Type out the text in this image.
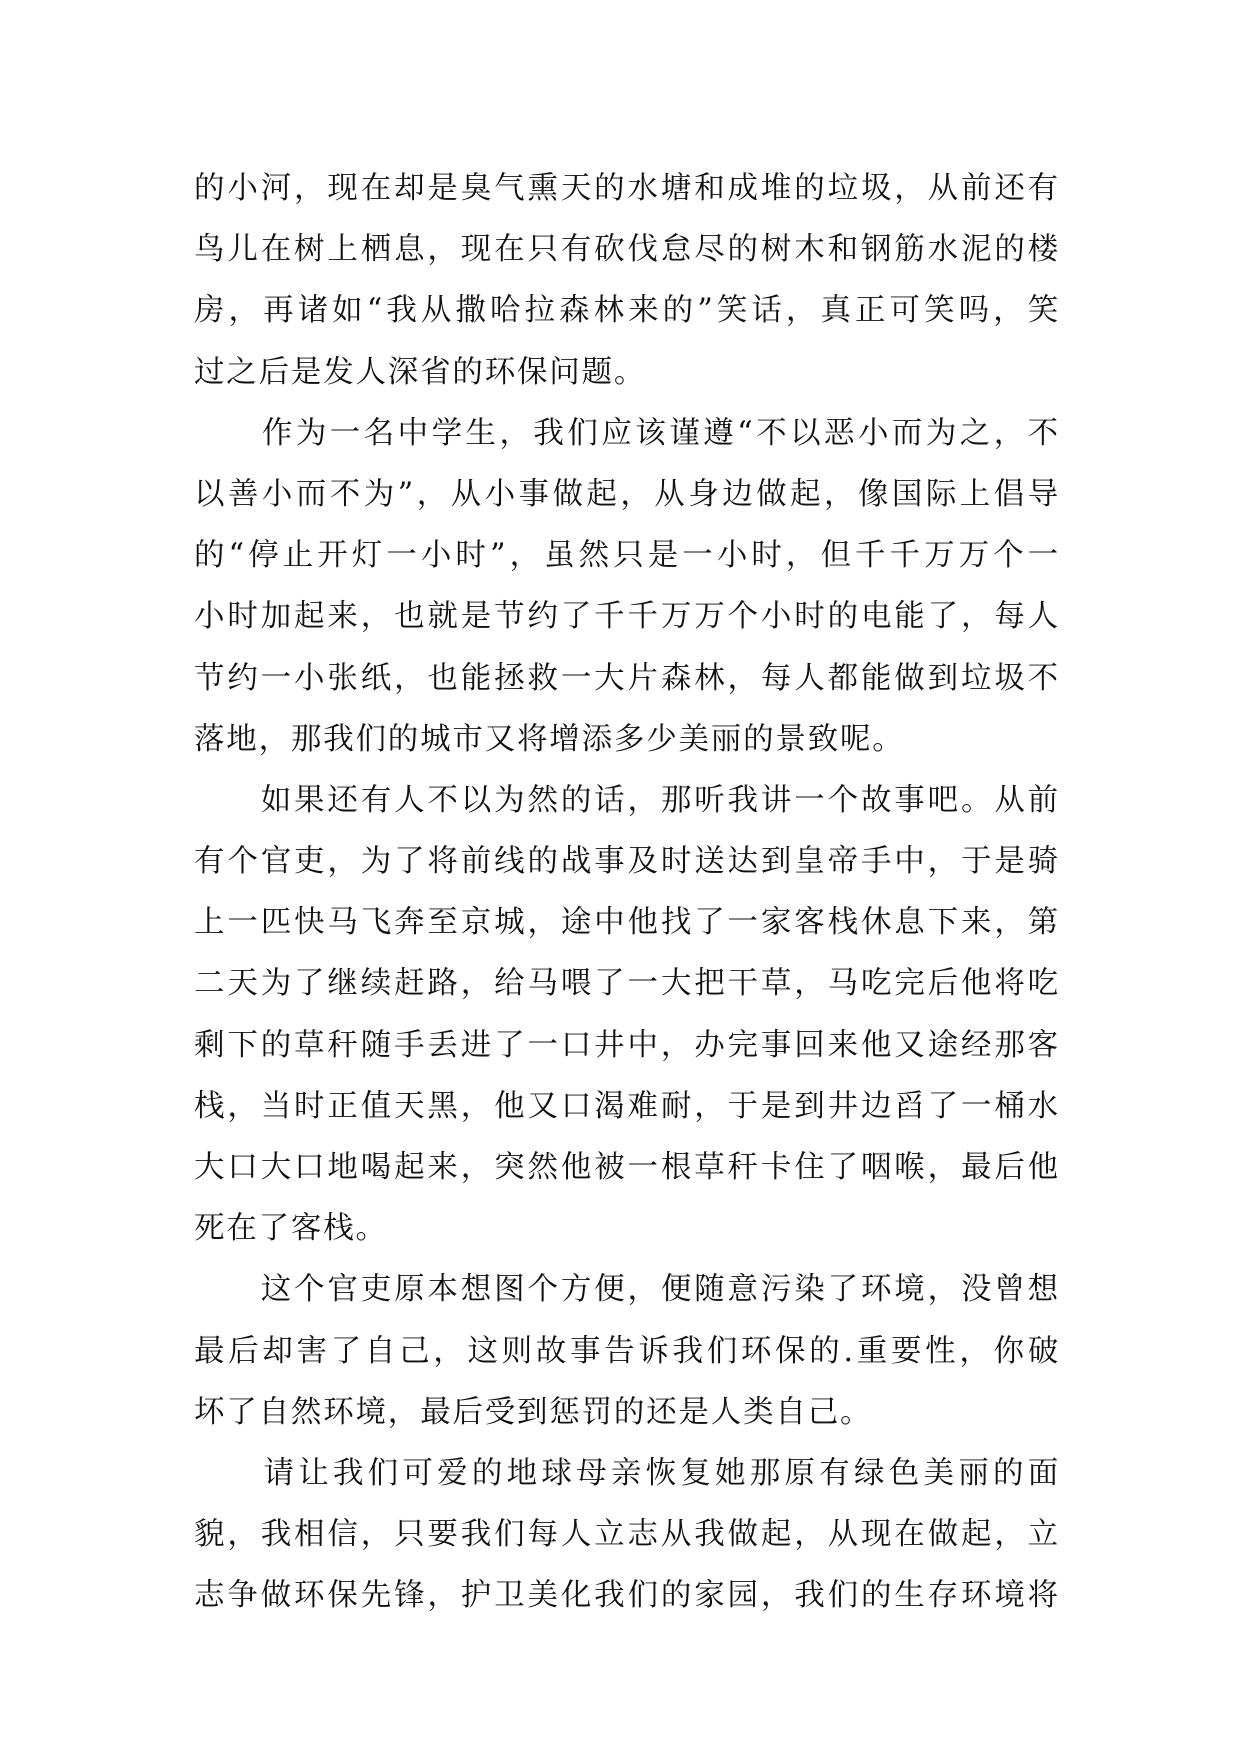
的小河，现在却是臭气熏天的水塘和成堆的垃圾，从前还有
鸟儿在树上栖息，现在只有砍伐怠尽的树木和钢筋水泥的楼
房，再诸如“我从撒哈拉森林来的”笑话，真正可笑吗，笑
过之后是发人深省的环保问题。
　　作为一名中学生，我们应该谨遵“不以恶小而为之，不
以善小而不为”，从小事做起，从身边做起，像国际上倡导
的“停止开灯一小时”，虽然只是一小时，但千千万万个一
小时加起来，也就是节约了千千万万个小时的电能了，每人
节约一小张纸，也能拯救一大片森林，每人都能做到垃圾不
落地，那我们的城市又将增添多少美丽的景致呢。
　　如果还有人不以为然的话，那听我讲一个故事吧。从前
有个官吏，为了将前线的战事及时送达到皇帝手中，于是骑
上一匹快马飞奔至京城，途中他找了一家客栈休息下来，第
二天为了继续赶路，给马喂了一大把干草，马吃完后他将吃
剩下的草秆随手丢进了一口井中，办完事回来他又途经那客
栈，当时正值天黑，他又口渴难耐，于是到井边舀了一桶水
大口大口地喝起来，突然他被一根草秆卡住了咽喉，最后他
死在了客栈。
　　这个官吏原本想图个方便，便随意污染了环境，没曾想
最后却害了自己，这则故事告诉我们环保的.重要性，你破
坏了自然环境，最后受到惩罚的还是人类自己。
　　请让我们可爱的地球母亲恢复她那原有绿色美丽的面
貌，我相信，只要我们每人立志从我做起，从现在做起，立
志争做环保先锋，护卫美化我们的家园，我们的生存环境将
